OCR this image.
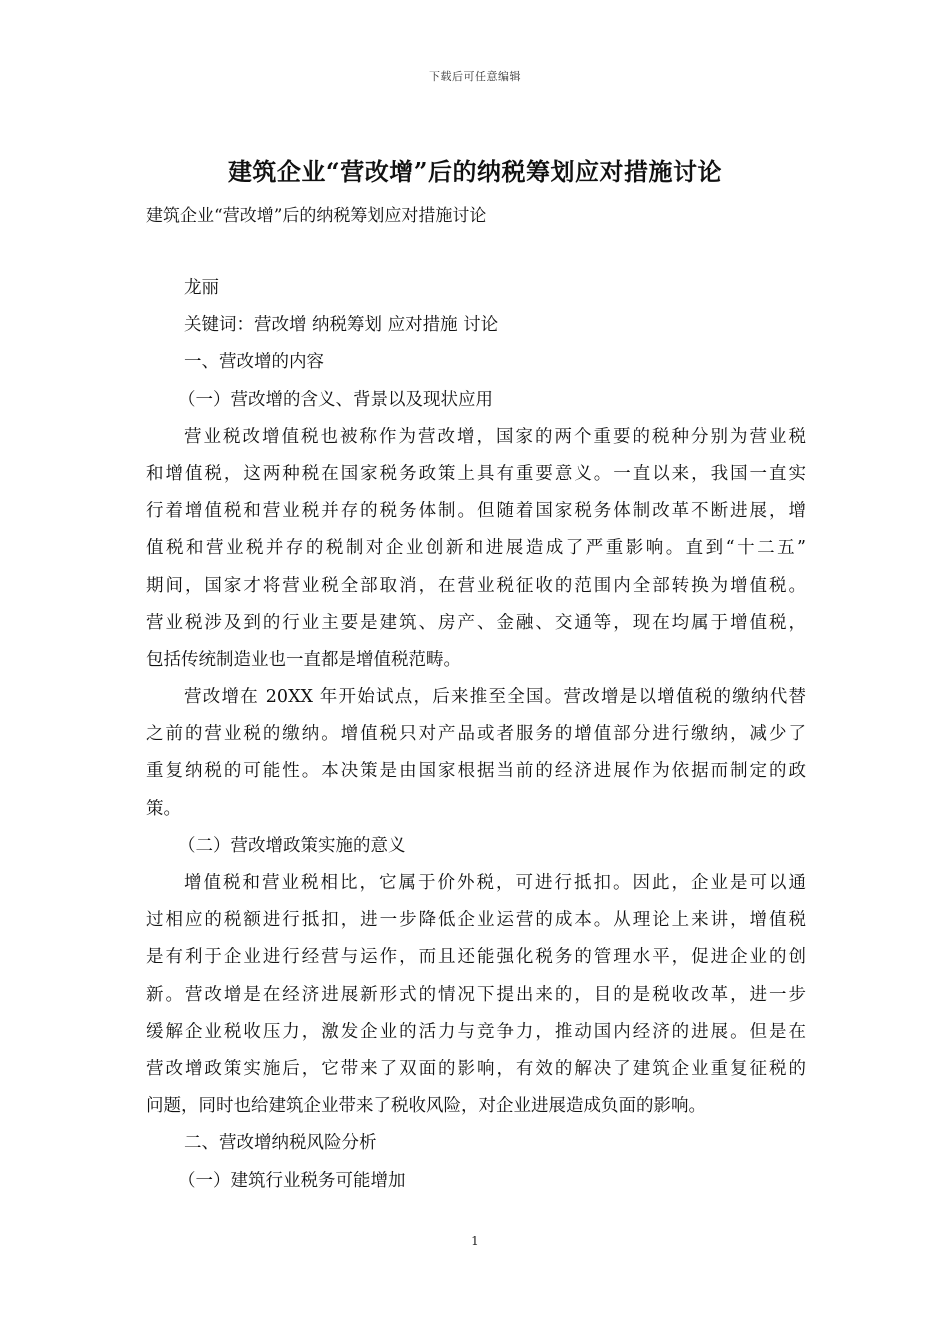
下载后可任意编辑
建筑企业“营改增”后的纳税筹划应对措施讨论
建筑企业“营改增”后的纳税筹划应对措施讨论
龙丽
关键词：营改增 纳税筹划 应对措施 讨论
一、营改增的内容
（一）营改增的含义、背景以及现状应用
营业税改增值税也被称作为营改增，国家的两个重要的税种分别为营业税
和增值税，这两种税在国家税务政策上具有重要意义。一直以来，我国一直实
行着增值税和营业税并存的税务体制。但随着国家税务体制改革不断进展，增
值税和营业税并存的税制对企业创新和进展造成了严重影响。直到“十二五”
期间，国家才将营业税全部取消，在营业税征收的范围内全部转换为增值税。
营业税涉及到的行业主要是建筑、房产、金融、交通等，现在均属于增值税，
包括传统制造业也一直都是增值税范畴。
营改增在 20XX 年开始试点，后来推至全国。营改增是以增值税的缴纳代替
之前的营业税的缴纳。增值税只对产品或者服务的增值部分进行缴纳，减少了
重复纳税的可能性。本决策是由国家根据当前的经济进展作为依据而制定的政
策。
（二）营改增政策实施的意义
增值税和营业税相比，它属于价外税，可进行抵扣。因此，企业是可以通
过相应的税额进行抵扣，进一步降低企业运营的成本。从理论上来讲，增值税
是有利于企业进行经营与运作，而且还能强化税务的管理水平，促进企业的创
新。营改增是在经济进展新形式的情况下提出来的，目的是税收改革，进一步
缓解企业税收压力，激发企业的活力与竞争力，推动国内经济的进展。但是在
营改增政策实施后，它带来了双面的影响，有效的解决了建筑企业重复征税的
问题，同时也给建筑企业带来了税收风险，对企业进展造成负面的影响。
二、营改增纳税风险分析
（一）建筑行业税务可能增加
1
